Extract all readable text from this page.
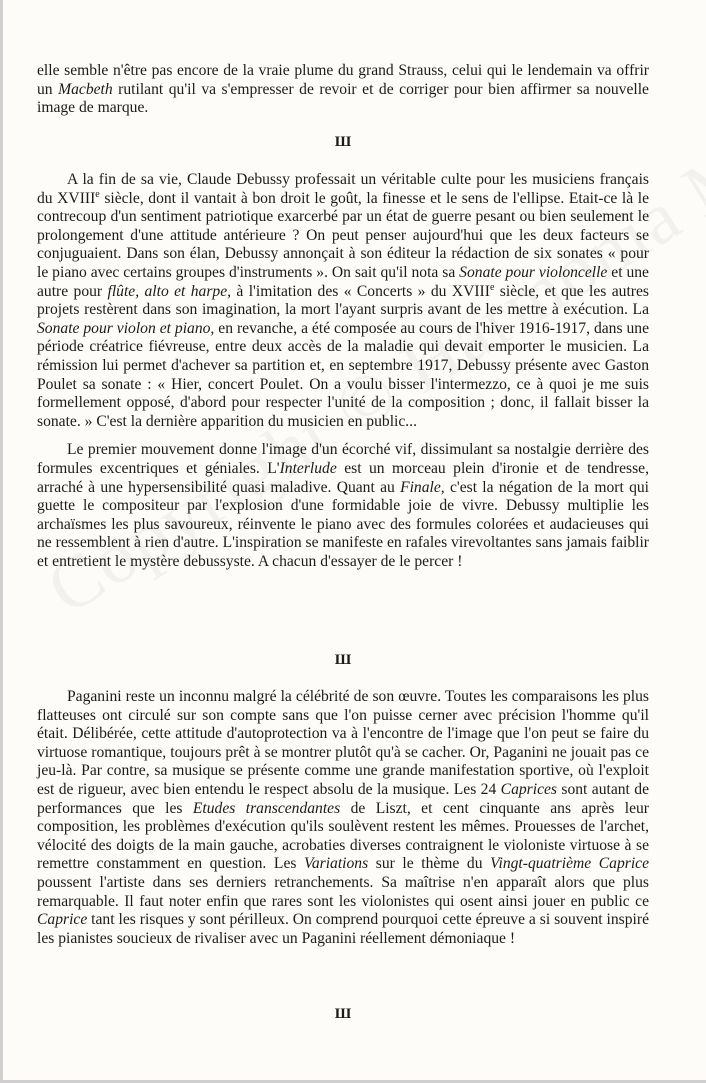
elle semble n'être pas encore de la vraie plume du grand Strauss, celui qui le lendemain va offrir un Macbeth rutilant qu'il va s'empresser de revoir et de corriger pour bien affirmer sa nouvelle image de marque.

Ш

A la fin de sa vie, Claude Debussy professait un véritable culte pour les musiciens français du XVIIIe siècle, dont il vantait à bon droit le goût, la finesse et le sens de l'ellipse. Etait-ce là le contrecoup d'un sentiment patriotique exarcerbé par un état de guerre pesant ou bien seulement le prolongement d'une attitude antérieure ? On peut penser aujourd'hui que les deux facteurs se conjuguaient. Dans son élan, Debussy annonçait à son éditeur la rédaction de six sonates « pour le piano avec certains groupes d'instruments ». On sait qu'il nota sa Sonate pour violoncelle et une autre pour flûte, alto et harpe, à l'imitation des « Concerts » du XVIIIe siècle, et que les autres projets restèrent dans son imagination, la mort l'ayant surpris avant de les mettre à exécution. La Sonate pour violon et piano, en revanche, a été composée au cours de l'hiver 1916-1917, dans une période créatrice fiévreuse, entre deux accès de la maladie qui devait emporter le musicien. La rémission lui permet d'achever sa partition et, en septembre 1917, Debussy présente avec Gaston Poulet sa sonate : « Hier, concert Poulet. On a voulu bisser l'intermezzo, ce à quoi je me suis formellement opposé, d'abord pour respecter l'unité de la composition ; donc, il fallait bisser la sonate. » C'est la dernière apparition du musicien en public...

Le premier mouvement donne l'image d'un écorché vif, dissimulant sa nostalgie derrière des formules excentriques et géniales. L'Interlude est un morceau plein d'ironie et de tendresse, arraché à une hypersensibilité quasi maladive. Quant au Finale, c'est la négation de la mort qui guette le compositeur par l'explosion d'une formidable joie de vivre. Debussy multiplie les archaïsmes les plus savoureux, réinvente le piano avec des formules colorées et audacieuses qui ne ressemblent à rien d'autre. L'inspiration se manifeste en rafales virevoltantes sans jamais faiblir et entretient le mystère debussyste. A chacun d'essayer de le percer !

Ш

Paganini reste un inconnu malgré la célébrité de son œuvre. Toutes les comparaisons les plus flatteuses ont circulé sur son compte sans que l'on puisse cerner avec précision l'homme qu'il était. Délibérée, cette attitude d'autoprotection va à l'encontre de l'image que l'on peut se faire du virtuose romantique, toujours prêt à se montrer plutôt qu'à se cacher. Or, Paganini ne jouait pas ce jeu-là. Par contre, sa musique se présente comme une grande manifestation sportive, où l'exploit est de rigueur, avec bien entendu le respect absolu de la musique. Les 24 Caprices sont autant de performances que les Etudes transcendantes de Liszt, et cent cinquante ans après leur composition, les problèmes d'exécution qu'ils soulèvent restent les mêmes. Prouesses de l'archet, vélocité des doigts de la main gauche, acrobaties diverses contraignent le violoniste virtuose à se remettre constamment en question. Les Variations sur le thème du Vingt-quatrième Caprice poussent l'artiste dans ses derniers retranchements. Sa maîtrise n'en apparaît alors que plus remarquable. Il faut noter enfin que rares sont les violonistes qui osent ainsi jouer en public ce Caprice tant les risques y sont périlleux. On comprend pourquoi cette épreuve a si souvent inspiré les pianistes soucieux de rivaliser avec un Paganini réellement démoniaque !

Ш
